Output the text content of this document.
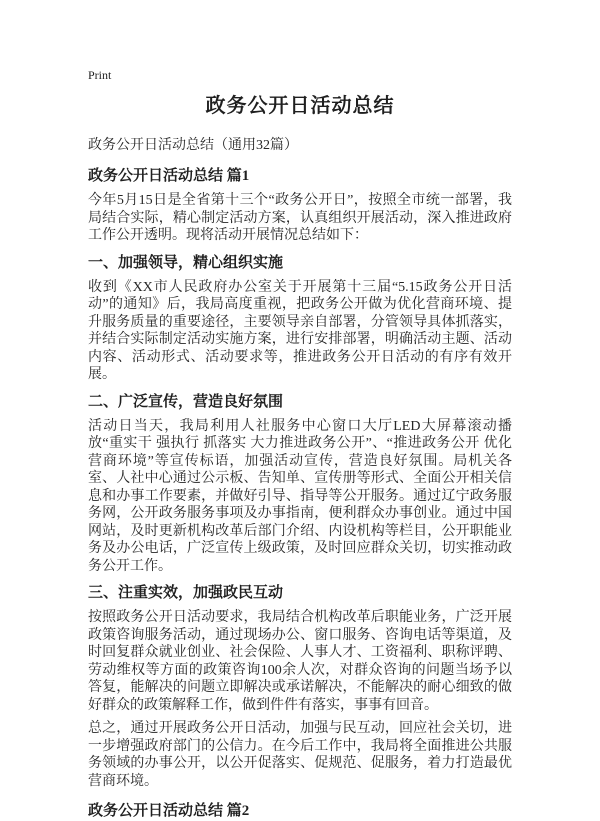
Print
政务公开日活动总结
政务公开日活动总结（通用32篇）
政务公开日活动总结 篇1

今年5月15日是全省第十三个“政务公开日”，按照全市统一部署，我局结合实际，精心制定活动方案，认真组织开展活动，深入推进政府工作公开透明。现将活动开展情况总结如下：

一、加强领导，精心组织实施

收到《XX市人民政府办公室关于开展第十三届“5.15政务公开日活动”的通知》后，我局高度重视，把政务公开做为优化营商环境、提升服务质量的重要途径，主要领导亲自部署，分管领导具体抓落实，并结合实际制定活动实施方案，进行安排部署，明确活动主题、活动内容、活动形式、活动要求等，推进政务公开日活动的有序有效开展。

二、广泛宣传，营造良好氛围

活动日当天，我局利用人社服务中心窗口大厅LED大屏幕滚动播放“重实干 强执行 抓落实 大力推进政务公开”、“推进政务公开 优化营商环境”等宣传标语，加强活动宣传，营造良好氛围。局机关各室、人社中心通过公示板、告知单、宣传册等形式、全面公开相关信息和办事工作要素，并做好引导、指导等公开服务。通过辽宁政务服务网，公开政务服务事项及办事指南，便利群众办事创业。通过中国网站，及时更新机构改革后部门介绍、内设机构等栏目，公开职能业务及办公电话，广泛宣传上级政策，及时回应群众关切，切实推动政务公开工作。

三、注重实效，加强政民互动

按照政务公开日活动要求，我局结合机构改革后职能业务，广泛开展政策咨询服务活动，通过现场办公、窗口服务、咨询电话等渠道，及时回复群众就业创业、社会保险、人事人才、工资福利、职称评聘、劳动维权等方面的政策咨询100余人次，对群众咨询的问题当场予以答复，能解决的问题立即解决或承诺解决，不能解决的耐心细致的做好群众的政策解释工作，做到件件有落实，事事有回音。

总之，通过开展政务公开日活动，加强与民互动，回应社会关切，进一步增强政府部门的公信力。在今后工作中，我局将全面推进公共服务领域的办事公开，以公开促落实、促规范、促服务，着力打造最优营商环境。

政务公开日活动总结 篇2
